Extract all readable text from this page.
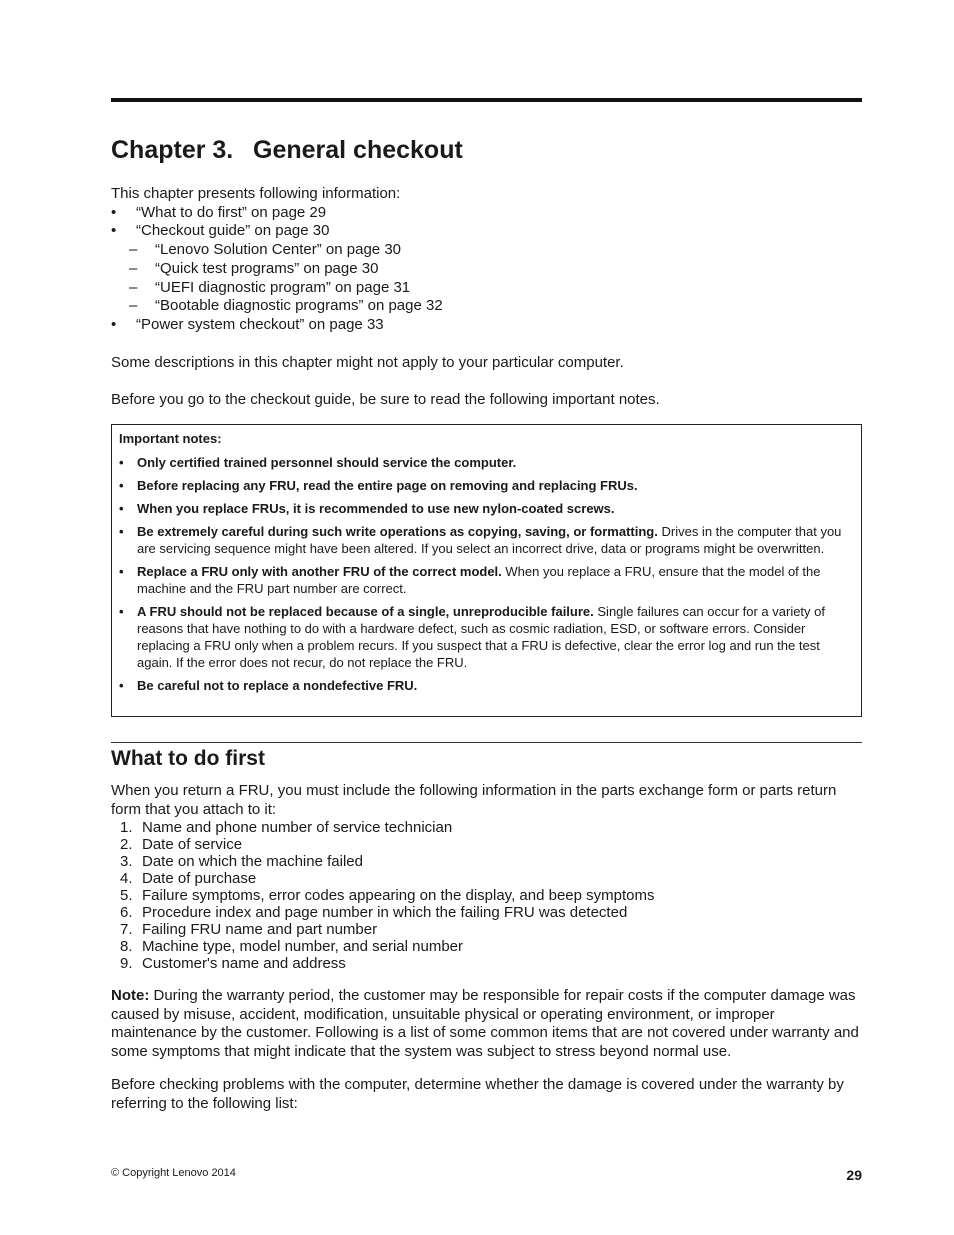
Chapter 3. General checkout

This chapter presents following information:

• “What to do first” on page 29
• “Checkout guide” on page 30
– “Lenovo Solution Center” on page 30
– “Quick test programs” on page 30
– “UEFI diagnostic program” on page 31
– “Bootable diagnostic programs” on page 32
• “Power system checkout” on page 33

Some descriptions in this chapter might not apply to your particular computer.

Before you go to the checkout guide, be sure to read the following important notes.

Important notes:

• Only certified trained personnel should service the computer.
• Before replacing any FRU, read the entire page on removing and replacing FRUs.
• When you replace FRUs, it is recommended to use new nylon-coated screws.
• Be extremely careful during such write operations as copying, saving, or formatting. Drives in the computer that you are servicing sequence might have been altered. If you select an incorrect drive, data or programs might be overwritten.
• Replace a FRU only with another FRU of the correct model. When you replace a FRU, ensure that the model of the machine and the FRU part number are correct.
• A FRU should not be replaced because of a single, unreproducible failure. Single failures can occur for a variety of reasons that have nothing to do with a hardware defect, such as cosmic radiation, ESD, or software errors. Consider replacing a FRU only when a problem recurs. If you suspect that a FRU is defective, clear the error log and run the test again. If the error does not recur, do not replace the FRU.
• Be careful not to replace a nondefective FRU.
What to do first

When you return a FRU, you must include the following information in the parts exchange form or parts return form that you attach to it:

1. Name and phone number of service technician
2. Date of service
3. Date on which the machine failed
4. Date of purchase
5. Failure symptoms, error codes appearing on the display, and beep symptoms
6. Procedure index and page number in which the failing FRU was detected
7. Failing FRU name and part number
8. Machine type, model number, and serial number
9. Customer's name and address

Note: During the warranty period, the customer may be responsible for repair costs if the computer damage was caused by misuse, accident, modification, unsuitable physical or operating environment, or improper maintenance by the customer. Following is a list of some common items that are not covered under warranty and some symptoms that might indicate that the system was subject to stress beyond normal use.

Before checking problems with the computer, determine whether the damage is covered under the warranty by referring to the following list:

© Copyright Lenovo 2014	29
